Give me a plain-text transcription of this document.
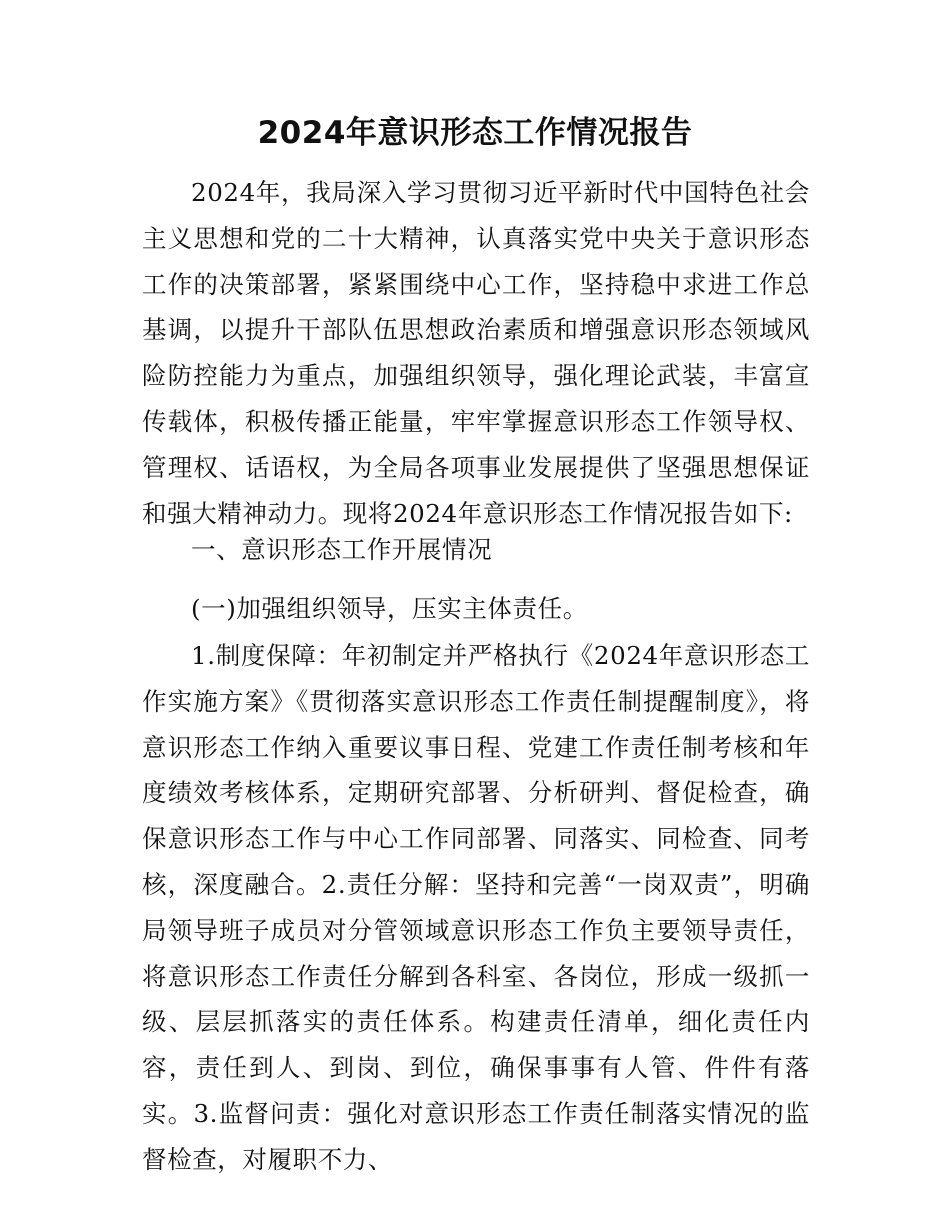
2024年意识形态工作情况报告

2024年，我局深入学习贯彻习近平新时代中国特色社会主义思想和党的二十大精神，认真落实党中央关于意识形态工作的决策部署，紧紧围绕中心工作，坚持稳中求进工作总基调，以提升干部队伍思想政治素质和增强意识形态领域风险防控能力为重点，加强组织领导，强化理论武装，丰富宣传载体，积极传播正能量，牢牢掌握意识形态工作领导权、管理权、话语权，为全局各项事业发展提供了坚强思想保证和强大精神动力。现将2024年意识形态工作情况报告如下:

一、意识形态工作开展情况

(一)加强组织领导，压实主体责任。

1.制度保障：年初制定并严格执行《2024年意识形态工作实施方案》《贯彻落实意识形态工作责任制提醒制度》，将意识形态工作纳入重要议事日程、党建工作责任制考核和年度绩效考核体系，定期研究部署、分析研判、督促检查，确保意识形态工作与中心工作同部署、同落实、同检查、同考核，深度融合。2.责任分解：坚持和完善“一岗双责”，明确局领导班子成员对分管领域意识形态工作负主要领导责任，将意识形态工作责任分解到各科室、各岗位，形成一级抓一级、层层抓落实的责任体系。构建责任清单，细化责任内容，责任到人、到岗、到位，确保事事有人管、件件有落实。3.监督问责：强化对意识形态工作责任制落实情况的监督检查，对履职不力、
